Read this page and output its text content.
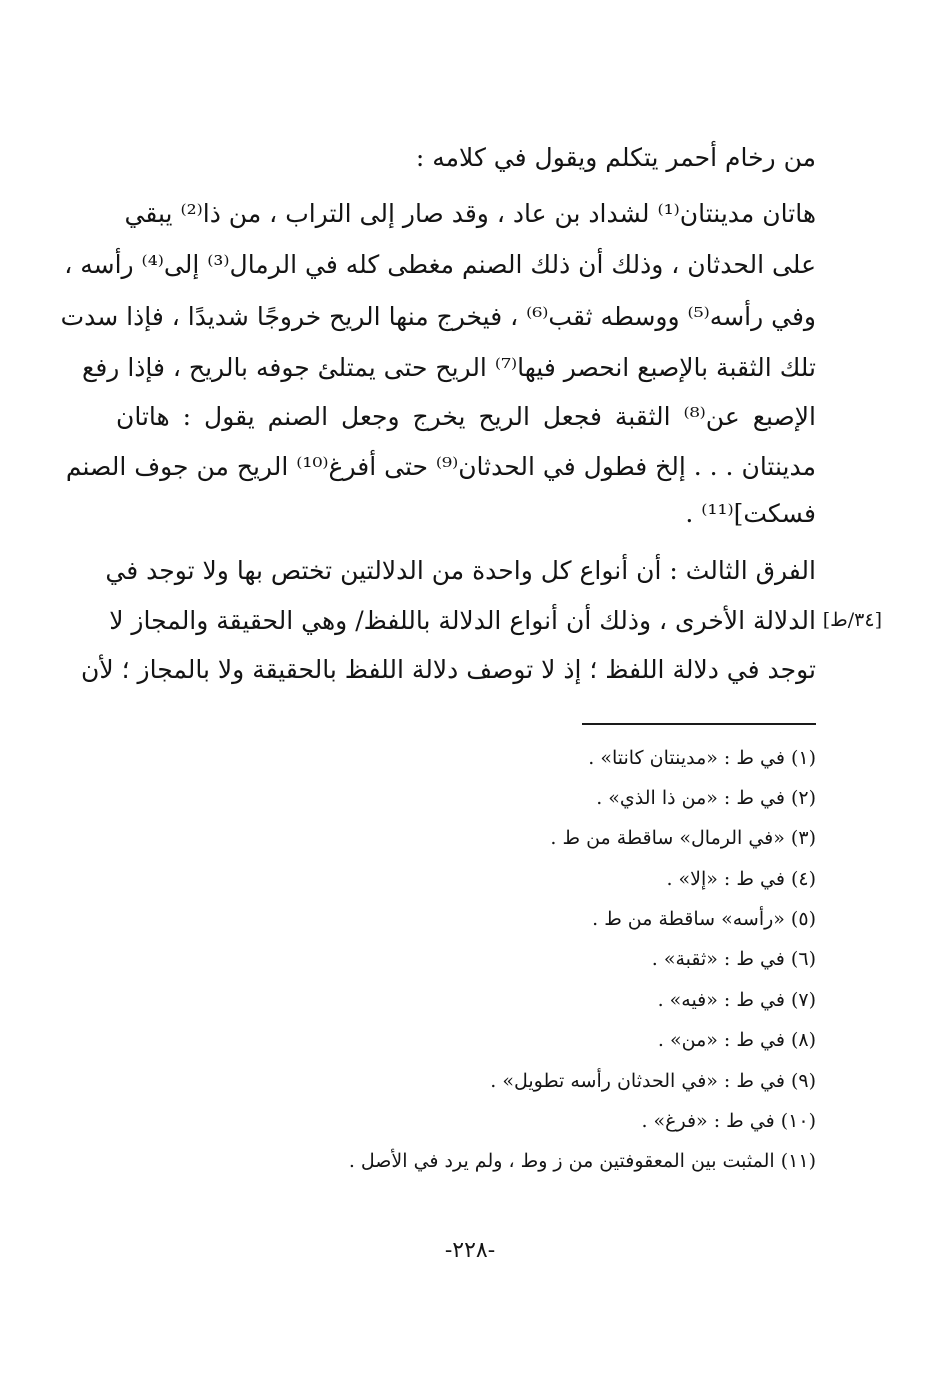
من رخام أحمر يتكلم ويقول في كلامه :
هاتان مدينتان⁽¹⁾ لشداد بن عاد ، وقد صار إلى التراب ، من ذا⁽²⁾ يبقي
على الحدثان ، وذلك أن ذلك الصنم مغطى كله في الرمال⁽³⁾ إلى⁽⁴⁾ رأسه ،
وفي رأسه⁽⁵⁾ ووسطه ثقب⁽⁶⁾ ، فيخرج منها الريح خروجًا شديدًا ، فإذا سدت
تلك الثقبة بالإصبع انحصر فيها⁽⁷⁾ الريح حتى يمتلئ جوفه بالريح ، فإذا رفع
الإصبع عن⁽⁸⁾ الثقبة فجعل الريح يخرج وجعل الصنم يقول : هاتان
مدينتان . . . إلخ فطول في الحدثان⁽⁹⁾ حتى أفرغ⁽¹⁰⁾ الريح من جوف الصنم
فسكت]⁽¹¹⁾ .
الفرق الثالث : أن أنواع كل واحدة من الدلالتين تختص بها ولا توجد في
الدلالة الأخرى ، وذلك أن أنواع الدلالة باللفظ/ وهي الحقيقة والمجاز لا
توجد في دلالة اللفظ ؛ إذ لا توصف دلالة اللفظ بالحقيقة ولا بالمجاز ؛ لأن
[٣٤/ط]
(١) في ط : «مدينتان كانتا» .
(٢) في ط : «من ذا الذي» .
(٣) «في الرمال» ساقطة من ط .
(٤) في ط : «إلا» .
(٥) «رأسه» ساقطة من ط .
(٦) في ط : «ثقبة» .
(٧) في ط : «فيه» .
(٨) في ط : «من» .
(٩) في ط : «في الحدثان رأسه تطويل» .
(١٠) في ط : «فرغ» .
(١١) المثبت بين المعقوفتين من ز وط ، ولم يرد في الأصل .
-٢٢٨-
